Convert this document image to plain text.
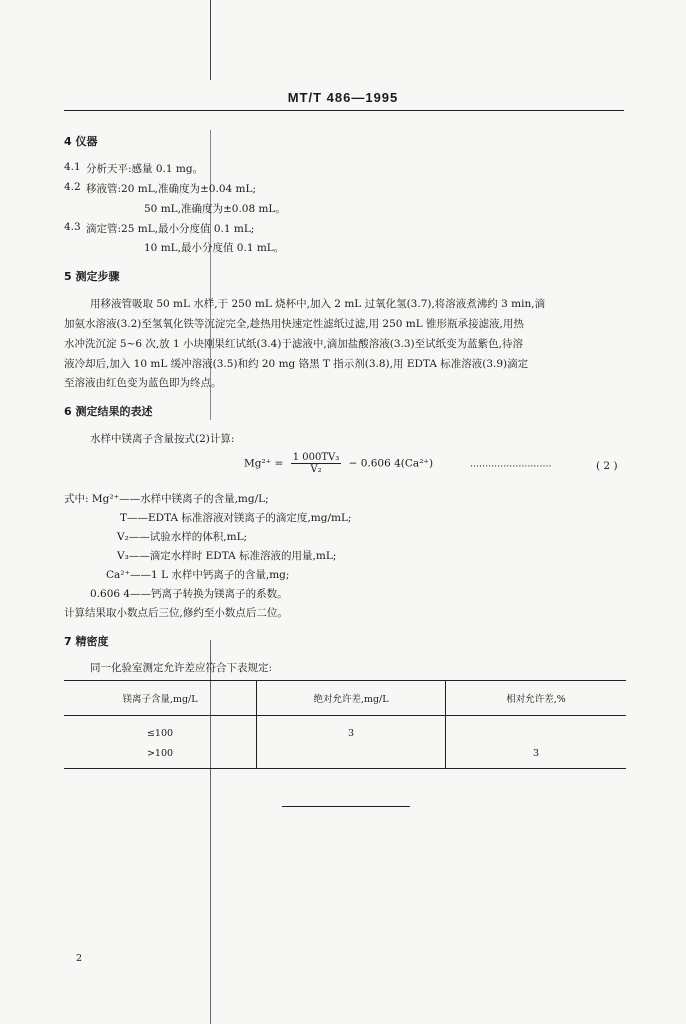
MT/T 486—1995
4 仪器
4.1 分析天平:感量 0.1 mg。
4.2 移液管:20 mL,准确度为±0.04 mL;
50 mL,准确度为±0.08 mL。
4.3 滴定管:25 mL,最小分度值 0.1 mL;
10 mL,最小分度值 0.1 mL。
5 测定步骤
用移液管吸取 50 mL 水样,于 250 mL 烧杯中,加入 2 mL 过氧化氢(3.7),将溶液煮沸约 3 min,滴
加氨水溶液(3.2)至氢氧化铁等沉淀完全,趁热用快速定性滤纸过滤,用 250 mL 锥形瓶承接滤液,用热
水冲洗沉淀 5~6 次,放 1 小块刚果红试纸(3.4)于滤液中,滴加盐酸溶液(3.3)至试纸变为蓝紫色,待溶
液冷却后,加入 10 mL 缓冲溶液(3.5)和约 20 mg 铬黑 T 指示剂(3.8),用 EDTA 标准溶液(3.9)滴定
至溶液由红色变为蓝色即为终点。
6 测定结果的表述
水样中镁离子含量按式(2)计算:
$Mg^{2+} = \frac{\text{1 000TV₃}}{\text{V₂}} - 0.606$ 4(Ca²⁺)	···························	( 2 )
式中: Mg²⁺——水样中镁离子的含量,mg/L;
T——EDTA 标准溶液对镁离子的滴定度,mg/mL;
V₂——试验水样的体积,mL;
V₃——滴定水样时 EDTA 标准溶液的用量,mL;
Ca²⁺——1 L 水样中钙离子的含量,mg;
0.606 4——钙离子转换为镁离子的系数。
计算结果取小数点后三位,修约至小数点后二位。
7 精密度
同一化验室测定允许差应符合下表规定:
镁离子含量,mg/L	绝对允许差,mg/L	相对允许差,%
≤100	3	
>100		3
2
